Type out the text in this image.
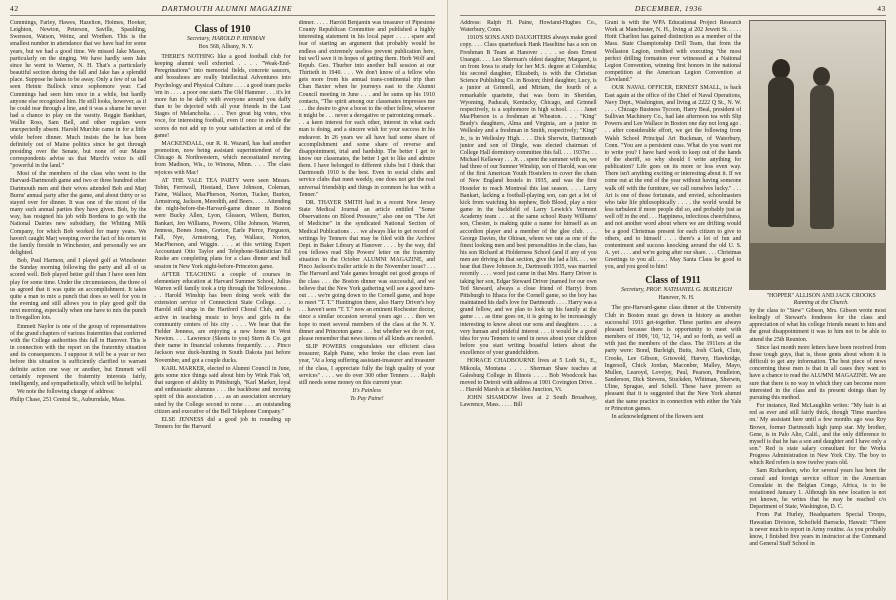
42	DARTMOUTH ALUMNI MAGAZINE

Cummings, Farley, Hawes, Hazelton, Holmes, Hooker, Leighton, Newton, Peterson, Saville, Spaulding, Swenson, Watson, Weinz, and Worthen. This is the smallest number in attendance that we have had for some years, but we had a good time. We missed Jake Mason, particularly on the singing. We have hardly seen Jake since he went to Warner, N. H. That's a particularly beautiful section during the fall and Jake has a splendid place. Suppose he hates to be away. Only a few of us had seen Heinie Bullock since sophomore year. Cad Cummings had seen him once in a while, but hardly anyone else recognized him. He still looks, however, as if he could tear through a line, and it was a shame he never had a chance to play on the varsity. Reggie Bankhart, Wallie Ross, Sam Bell, and other regulars were unexpectedly absent. Harold Murchie came in for a little while before dinner. Much insists the he has been definitely out of Maine politics since he got through presiding over the Senate, but none of our Maine correspondents advise us that Murch's voice is still "powerful in the land."

Most of the members of the class who went to the Harvard-Dartmouth game and two or three hundred other Dartmouth men and their wives attended Bob and Marj Burns' annual party after the game, and about thirty or so stayed over for dinner. It was one of the nicest of the many such annual parties they have given. Bob, by the way, has resigned his job with Bordens to go with the National Dairies new subsidiary, the Whiting Milk Company, for which Bob worked for many years. We haven't caught Marj weeping over the fact of his return to the family fireside in Winchester, and personally we are delighted.

Bob, Paul Harmon, and I played golf at Winchester the Sunday morning following the party and all of us scored well. Bob played better golf than I have seen him play for some time. Under the circumstances, the three of us agreed that it was quite an accomplishment. It takes quite a man to mix a punch that does so well for you in the evening and still allows you to play good golf the next morning, especially when one have to mix the punch in fivegallon lots.

Emmett Naylor is one of the group of representatives of the grand chapters of various fraternities that conferred with the College authorities this fall in Hanover. This is in connection with the report on the fraternity situation and its consequences. I suppose it will be a year or two before this situation is sufficiently clarified to warrant definite action one way or another, but Emmett will certainly represent the fraternity interests fairly, intelligently, and sympathetically, which will be helpful.

We note the following change of address:

Philip Chase, 251 Central St., Auburndale, Mass.

Class of 1910

Secretary, HAROLD P. HINMAN

Box 568, Albany, N. Y.

THERE'S NOTHING like a good football club for keeping alumni well exhorted. . . . . "Weak-End-Peregrinations" into memorial fields, concrete saucers, and bossshoes are really Intellectual Adventures into Psychology and Physical Culture . . . . a good team packs 'em in . . . . a poor one starts The Old Hammer . . . it's lot more fun to be daffy with everyone around you daffy than to be dejected with all your friends in the Last Stages of Melancholia. . . . Two great big votes, viva voce, for interesting football, even if once in awhile the scores do not add up to your satisfaction at end of the game!

MACKENDALL, our R. R. Wazard, has had another promotion, now being assistant superintendent of the Chicago & Northwestern, which necessitated moving from Madison, Wis., to Winona, Minn. . . . The class rejoices with Mac!

AT THE YALE TEA PARTY were seen Messrs. Tobin, Ferriwall, Hiestand, Dave Johnson, Coleman, Faine, Wallace, MacPherson, Norton, Tucker, Burton, Armstrong, Jackson, Meredith, and Beers. . . . . Attending the night-before-the-Harvard-game dinner in Boston were Bucky Allen, Lyon, Gleason, Wilson, Burton, Bankart, Jen Williams, Powers, Ollie Johnson, Warren, Jenness, Bones Jones, Gorton, Earle Pierce, Ferguson, Fall, Nye, Armstrong, Fay, Wallace, Norton, MacPherson, and Wiggin. . . . at this writing Expert Accountant Otto Taylor and Telephone-Statistician Ed Rushe are completing plans for a class dinner and bull session in New York night-before-Princeton game.

AFTER TEACHING a couple of courses in elementary education at Harvard Summer School, Julius Warren will family took a trip through the Yellowstone. . . . Harold Winship has been doing work with the extension service of Connecticut State College. . . . Harold still sings in the Hartford Choral Club, and is active in teaching music to boys and girls in the community centers of his city . . . . We hear that the Fielder Jenness, are enjoying a new home in West Newton. . . . Lawrence (Skeets to you) Stern & Co. got their name in financial columns frequently. . . . Pinco Jackson wuz duck-hunting in South Dakota just before November, and got a couple ducks.

KARL MARKER, elected to Alumni Council in June, gets some nice things said about him by Wink Fisk 'o8, that surgeon of ability in Pittsburgh, "Karl Marker, loyal and enthusiastic alumnus . . . the backbone and moving spirit of this association . . . as an association secretary rated by the College second to none . . . an outstanding citizen and executive of the Bell Telephone Company."

ELSE JENNESS did a good job in rounding up Tenners for the Harvard

dinner. . . . . Harold Benjamin was treasurer of Pipestone County Republican Committee and published a highly interesting statement in his local paper . . . . spare and fear of starting an argument that probably would be endless and extremely useless prevent publication here, but we'll save it in hopes of getting them. Herb Wolf and Repub. Geo. Thurber into another bull session at our Thirtieth in 1940. . . . We don't know of a fellow who gets more from his annual trans-continental trip than Chan Baxter when he journeys east to the Alumni Council meeting in June . . . and he sums up his 1910 contacts, "The spirit among our classmates impresses me . . . the desire to give a boost to the other fellow, whoever it might be . . . never a derogative or patronizing remark . . . a keen interest for each other, interest in what each man is doing, and a sincere wish for your success in his endeavor. In 26 years we all have had some share of accomplishment and some share of reverse and disappointment, trial and hardship. The better I get to know our classmates, the better I get to like and admire them. I have belonged to different clubs but I think that Dartmouth 1910 is the best. Even in social clubs and service clubs that meet weekly, one does not get the real universal friendship and things in common he has with a Tenner."

DR. THAYER SMITH had in a recent New Jersey State Medical Journal an article entitled "Some Observations on Blood Pressure," also one on "The Art of Medicine" in the syndicated National Section of Medical Publications . . . we always like to get record of writings by Tenners that may be filed with the Archive Dept. in Baker Library at Hanover . . . . by the way, did you fellows read Slip Powers' letter on the fraternity situation in the October ALUMNI MAGAZINE, and Pinco Jackson's trailer article in the November issue? . . . The Harvard and Yale games brought out good groups of the class . . . the Boston dinner was successful, and we believe that the New York gathering will see a good turn-out . . . we're going down to the Cornell game, and hope to meet "T. T." Huntington there, also Harry Driver's boy . . . haven't seen "T. T." now an eminent Rochester doctor, since a similar occasion several years ago . . . then we hope to meet several members of the class at the N. Y. dinner and Princeton game . . . but whether we do or not, please remember that news items of all kinds are needed.

SLIP POWERS congratulates our efficient class treasurer, Ralph Paine, who broke the class even last year, "At a long suffering assistant-treasurer and treasurer of the class, I appreciate fully the high quality of your services" . . . . we do over 300 other Tenners . . . Ralph still needs some money on this current year:

It's Painless

To Pay Paine!

DECEMBER, 1936	43

Address: Ralph H. Paine, Howland-Hughes Co., Waterbury, Conn.

1910'S SONS AND DAUGHTERS always make good copy. . . . Class quarterback Hank Haseltine has a son on Freshman B Team at Hanover . . . . so does Ernest Unangst. . . . Leo Sherman's oldest daughter, Margaret, is on from Iowa to study for her M.S. degree at Columbia; his second daughter, Elizabeth, is with the Christian Science Publishing Co. in Boston; third daughter, Lucy, is a junior at Grinnell, and Miriam, the fourth of a remarkable quartette, that was born in Sheridan, Wyoming, Paducah, Kentucky, Chicago, and Grinnell respectively, is a sophomore in high school. . . . . Janet MacPherson is a freshman at Wheaton. . . . "King" Brady's daughters, Alma and Virginia, are a junior in Wellesley and a freshman in Smith, respectively; "King" Jr., is in Wellesley High. . . . Dick Sherwin, Dartmouth junior and son of Dingle, was elected chairman of College Hall dormitory committee this fall. . . . 1937er. . . Michael Kellaway . . . Jr. . . spent the summer with us, we had three of our Sumner Winship, son of Harold, was one of the first American Youth Hostelers to cover the chain of New England hostels in 1935, and was the first Hosteler to reach Montreal this last season. . . . Larry Bankart, lacking a football-playing son, can get a lot of kick from watching his nephew, Bob Blood, play a nice game in the backfield of Larry Lewick's Vermont Academy team . . . at the same school Rusty Williams' son, Chester, is making quite a name for himself as an accordion player and a member of the glee club. . . . George Davies, the Ohioan, whom we rate as one of the finest looking men and best personalities in the class, has his son Richard at Holderness School (and if any of you men are driving in that section, give the lad a lift. . . . we hear that Dave Johnson Jr., Dartmouth 1935, was married recently . . . . word just came in that Mrs. Harry Driver is taking her son, Edgar Steward Driver (named for our own Ted Steward, always a close friend of Harry) from Pittsburgh to Ithaca for the Cornell game, so the boy has maintained his dad's love for Dartmouth . . . . Harry was a grand fellow, and we plan to look up his family at the game . . . as time goes on, it is going to be increasingly interesting to know about our sons and daughters . . . . a very human and prideful interest . . . it would be a good idea for you Tenners to send in news about your children before you start writing boastful letters about the excellence of your grandchildren.

HORACE CHADBOURNE lives at 5 Loth St., E., Mikoula, Montana . . . . Sherman Shaw teaches at Galesburg College in Illinois . . . . Bob Woodcock has moved to Detroit with address at 1901 Covington Drive. . . . Harold Marsh is at Sheldon Junction, Vt.

JOHN SHAMDOW lives at 2 South Broadway, Lawrence, Mass. . . . . Bill

Grant is with the WPA Educational Project Research Work at Manchester, N. H., living at 202 Jewett St. . . . . Hoitt Charlton has gained distinction as a member of the Mass. State Championship Drill Team, that from the Wollaston Legion, credited with executing "the most perfect drilling formation ever witnessed at a National Legion Convention, winning first honors in the national competition at the American Legion Convention at Cleveland."

OUR NAVAL OFFICER, ERNEST SMALL, is back East again at the office of the Chief of Naval Operations, Navy Dept., Washington, and living at 2222 Q St., N. W. . . . . Chicago Business Tycoon, Harry Beal, president of Sullivan Machinery Co., had late afternoon tea with Slip Powers and Lee Wallace in Boston one day not long ago . . . after considerable effort, we get the following from Walsh School Principal Art Buckman, of Waterbury, Conn. "You are a persistent cuss. What do you want me to write you? I have hard work to keep out of the hands of the sheriff, so why should I write anything for publication? Life goes on its more or less even way. There isn't anything exciting or interesting about it. If we come out at the end of the year without having someone walk off with the furniture, we call ourselves lucky." . . . Art is one of those fortunate, and envied, schoolmasters who take life philosophically . . . . the world would be less turbulent if more people did so, and probably just as well off in the end . . . Happiness, infectious cheerfulness, and not another word about where we are drifting would be a good Christmas present for each citizen to give to others, and to himself . . . there's a lot of fun and contentment and success knocking around the old U. S. A. yet . . . . and we're going after our share. . . . Christmas Greetings to you all. . . . May Santa Claus be good to you, and you good to him!

Class of 1911

Secretary, PROF. NATHANIEL G. BURLEIGH

Hanover, N. H.

The pre-Harvard-game class dinner at the University Club in Boston must go down in history as another successful 1911 get-together. These parties are always pleasant because there is opportunity to meet with members of 1909, '10, '12, '14, and so forth, as well as with just the members of the class. The 1911ers at the party were: Bond, Burleigh, Butts, Josh Clark, Clute, Crooks, Lee Gibson, Griswold, Harvey, Hawkridge, Ingersoll, Chick Jordan, Maconber, Malley, Mayo, Mullen, Learoyd, Lovejoy, Paul, Pearson, Pendleton, Sanderson, Dick Stevens, Stuckden, Whitman, Sherwin, Uline, Sprague, and Schell. These have proven so pleasant that it is suggested that the New York alumni start the same practice in connection with either the Yale or Princeton games.

In acknowledgment of the flowers sent

"HOPPER" ALLISON AND JACK CROOKS
Running at the Church.

by the class to "Stew" Gibson, Mrs. Gibson wrote most feelingly of Stewart's fondness for the class and appreciation of what his college friends meant to him and the great disappointment it was to him not to be able to attend the 25th Reunion.

Since last month more letters have been received from those tough guys, that is, those gents about whom it is difficult to get any information. The best piece of news concerning these men is that in all cases they want to have a chance to read the ALUMNI MAGAZINE. We are sure that there is no way in which they can become more interested in the class and its present doings than by pursuing this method.

For instance, Red McLaughlin writes: "My hair is at red as ever and still fairly thick, though 'Time marches on.' My assistant here until a few months ago was Roy Brown, former Dartmouth high jump star. My brother, Gene, is in Palo Alto, Calif., and the only difference to myself is that he has a son and daughter and I have only a son." Red is state salary consultant for the Works Progress Administration in New York City. The boy to which Red refers is now twelve years old.

Sam Richardson, who for several years has been the consul and foreign service officer in the American Consulate in the Belgian Congo, Africa, is to be restationed January 1. Although his new location is not yet known, he writes that he may be reached c/o Department of State, Washington, D. C.

From Pat Hurley, Headquarters Special Troops, Hawaiian Division, Schofield Barracks, Hawaii: "There is never much to report in Army routine. As you probably know, I finished five years in instructor at the Command and General Staff School in
